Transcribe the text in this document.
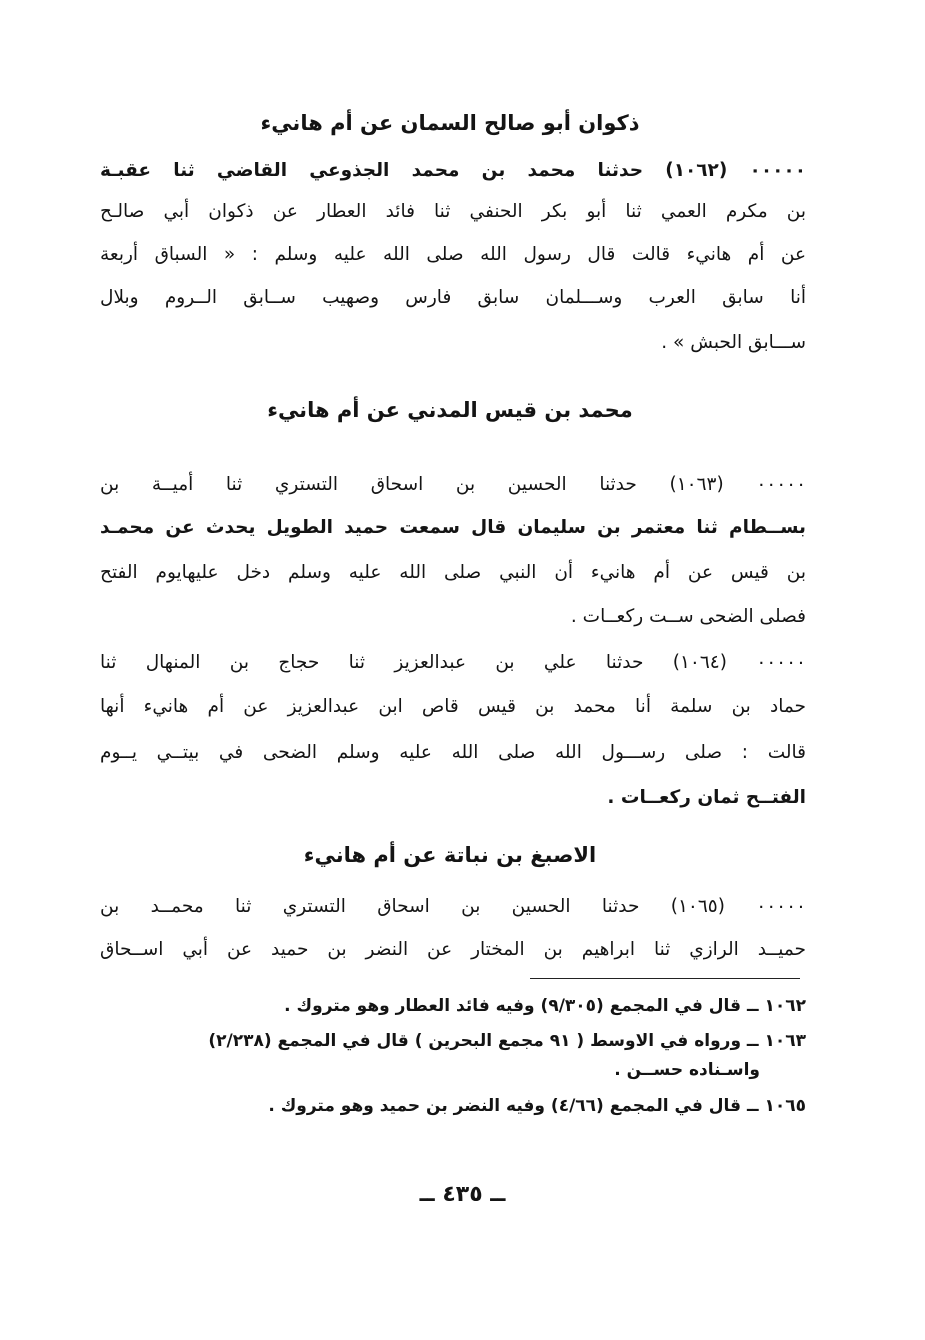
ذكوان أبو صالح السمان عن أم هانيء
٠٠٠٠٠ (١٠٦٢) حدثنا محمد بن محمد الجذوعي القاضي ثنا عقبـة
بن مكرم العمي ثنا أبو بكر الحنفي ثنا فائد العطار عن ذكوان أبي صالـح
عن أم هانيء قالت قال رسول الله صلى الله عليه وسلم : « السباق أربعة
أنا سابق العرب وســـلمان سابق فارس وصهيب ســابق الــروم وبلال
ســـابق الحبش » .
محمد بن قيس المدني عن أم هانيء
٠٠٠٠٠ (١٠٦٣) حدثنا الحسين بن اسحاق التستري ثنا أميــة بن
بســطام ثنا معتمر بن سليمان قال سمعت حميد الطويل يحدث عن محمـد
بن قيس عن أم هانيء أن النبي صلى الله عليه وسلم دخل عليهايوم الفتح
فصلى الضحى ســت ركعــات .
٠٠٠٠٠ (١٠٦٤) حدثنا علي بن عبدالعزيز ثنا حجاج بن المنهال ثنا
حماد بن سلمة أنا محمد بن قيس قاص ابن عبدالعزيز عن أم هانيء أنها
قالت : صلى رســـول الله صلى الله عليه وسلم الضحى في بيتــي يــوم
الفتــح ثمان ركعــات .
الاصبغ بن نباتة عن أم هانيء
٠٠٠٠٠ (١٠٦٥) حدثنا الحسين بن اسحاق التستري ثنا محمــد بن
حميــد الرازي ثنا ابراهيم بن المختار عن النضر بن حميد عن أبي اســحاق
١٠٦٢ ــ قال في المجمع (٩/٣٠٥) وفيه فائد العطار وهو متروك .
١٠٦٣ ــ ورواه في الاوسط ( ٩١ مجمع البحرين ) قال في المجمع (٢/٢٣٨)
واسـناده حســن .
١٠٦٥ ــ قال في المجمع (٤/٦٦) وفيه النضر بن حميد وهو متروك .
ــ ٤٣٥ ــ
